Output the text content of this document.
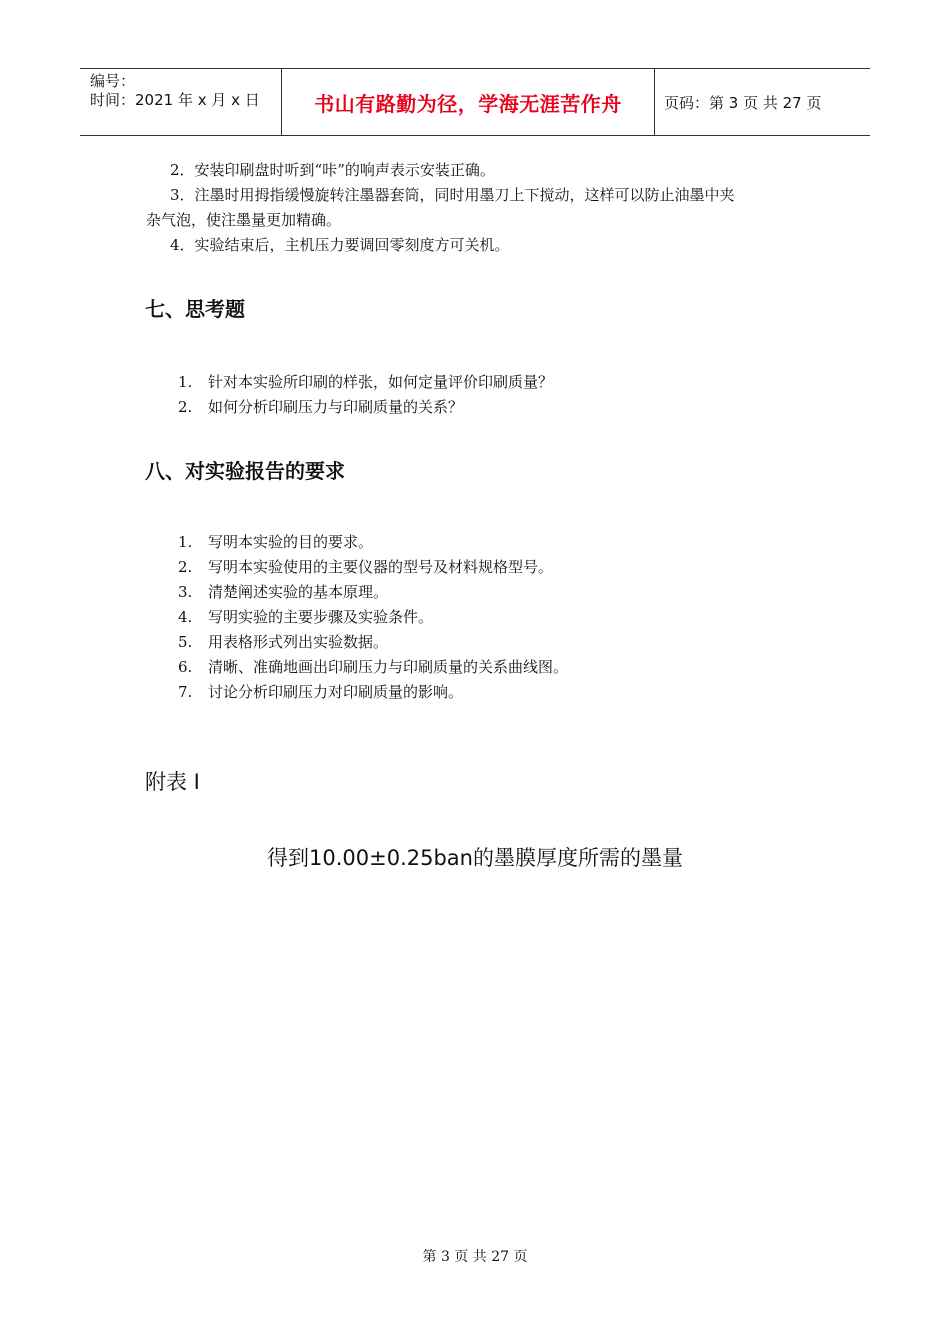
编号：
时间：2021 年 x 月 x 日	书山有路勤为径，学海无涯苦作舟	页码：第 3 页 共 27 页
2．安装印刷盘时听到“咔”的响声表示安装正确。
3．注墨时用拇指缓慢旋转注墨器套筒，同时用墨刀上下搅动，这样可以防止油墨中夹
杂气泡，使注墨量更加精确。
4．实验结束后，主机压力要调回零刻度方可关机。
七、思考题
1. 针对本实验所印刷的样张，如何定量评价印刷质量？
2. 如何分析印刷压力与印刷质量的关系？
八、对实验报告的要求
1. 写明本实验的目的要求。
2. 写明本实验使用的主要仪器的型号及材料规格型号。
3. 清楚阐述实验的基本原理。
4. 写明实验的主要步骤及实验条件。
5. 用表格形式列出实验数据。
6. 清晰、准确地画出印刷压力与印刷质量的关系曲线图。
7. 讨论分析印刷压力对印刷质量的影响。
附表 I
得到10.00±0.25ban的墨膜厚度所需的墨量
第 3 页 共 27 页
